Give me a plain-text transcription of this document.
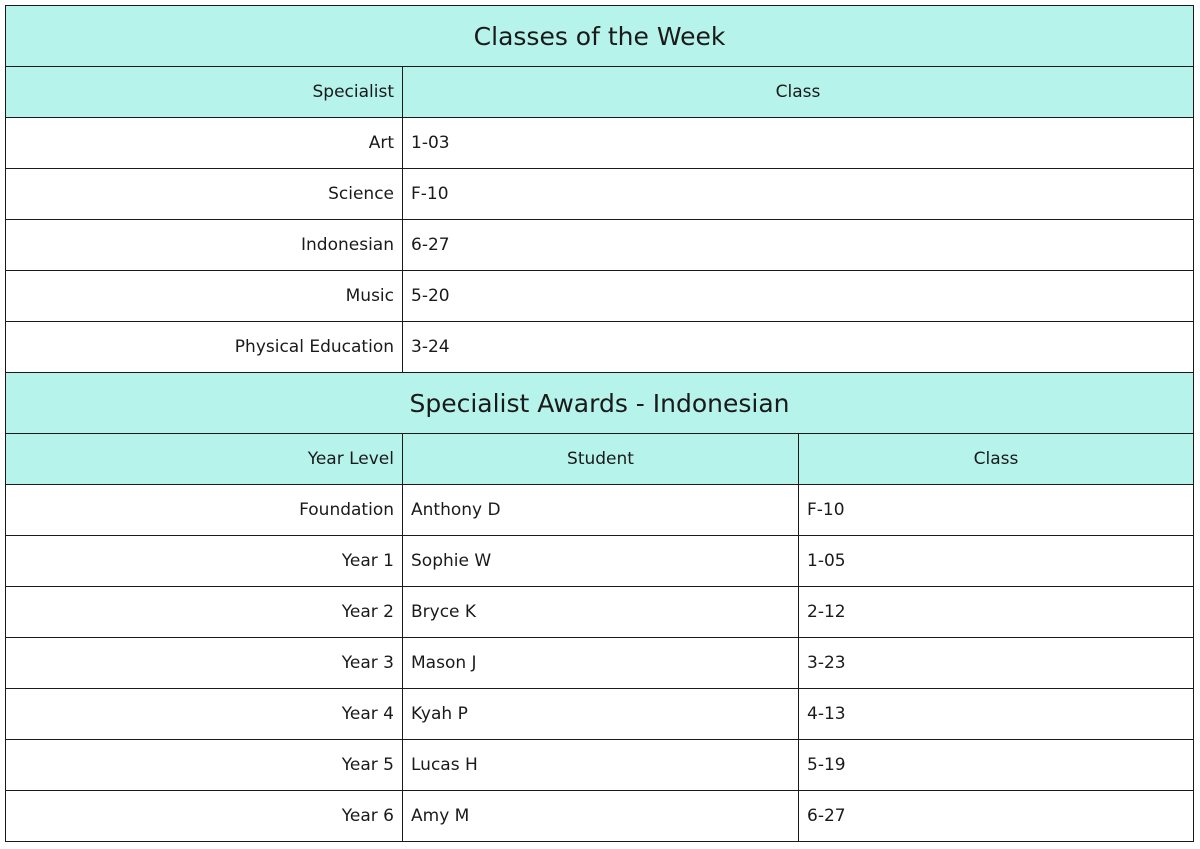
Classes of the Week		
Specialist	Class	
Art	1-03	
Science	F-10	
Indonesian	6-27	
Music	5-20	
Physical Education	3-24	
Specialist Awards - Indonesian		
Year Level	Student	Class
Foundation	Anthony D	F-10
Year 1	Sophie W	1-05
Year 2	Bryce K	2-12
Year 3	Mason J	3-23
Year 4	Kyah P	4-13
Year 5	Lucas H	5-19
Year 6	Amy M	6-27
